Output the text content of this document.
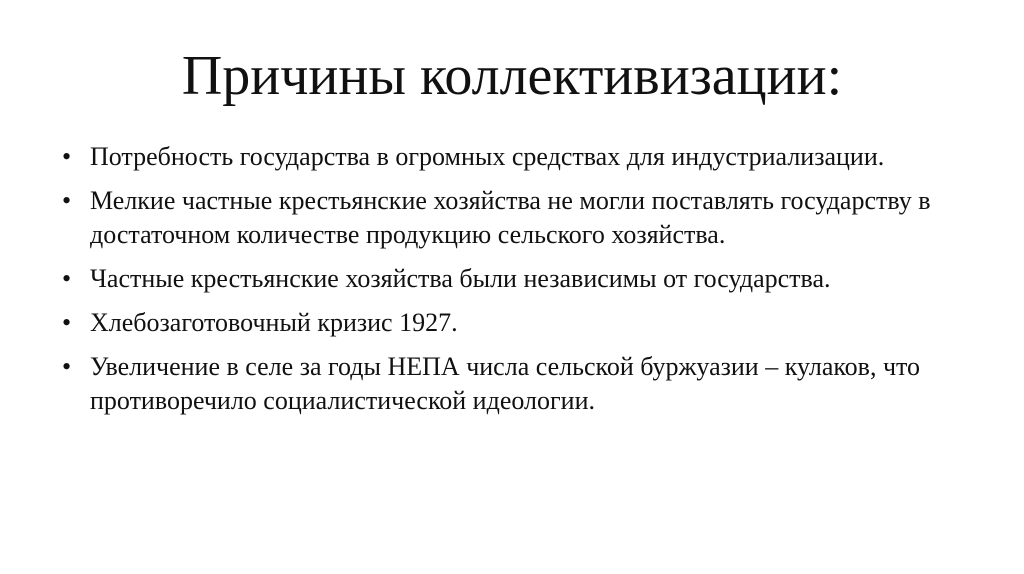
Причины коллективизации:
• Потребность государства в огромных средствах для индустриализации.
• Мелкие частные крестьянские хозяйства не могли поставлять государству в достаточном количестве продукцию сельского хозяйства.
• Частные крестьянские хозяйства были независимы от государства.
• Хлебозаготовочный кризис 1927.
• Увеличение в селе за годы НЕПА числа сельской буржуазии – кулаков, что противоречило социалистической идеологии.
